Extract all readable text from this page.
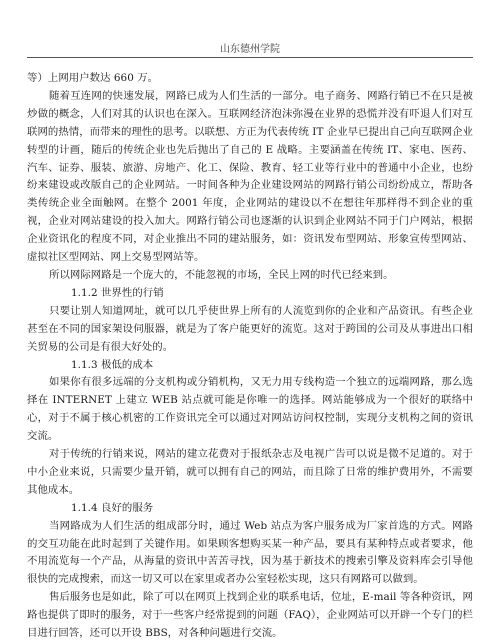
山东德州学院

等）上网用户数达 660 万。

随着互连网的快速发展，网路已成为人们生活的一部分。电子商务、网路行销已不在只是被炒做的概念，人们对其的认识也在深入。互联网经济泡沫弥漫在业界的恐慌并没有吓退人们对互联网的热情，而带来的理性的思考。以联想、方正为代表传统 IT 企业早已提出自己向互联网企业转型的计画，随后的传统企业也先后抛出了自己的 E 战略。主要涵盖在传统 IT、家电、医药、汽车、证券、服装、旅游、房地产、化工、保险、教育、轻工业等行业中的普通中小企业，也纷纷来建设或改版自己的企业网站。一时间各种为企业建设网站的网路行销公司纷纷成立，帮助各类传统企业全面触网。在整个 2001 年度，企业网站的建设以不在想往年那样得不到企业的重视，企业对网站建设的投入加大。网路行销公司也逐渐的认识到企业网站不同于门户网站，根据企业资讯化的程度不同，对企业推出不同的建站服务，如：资讯发布型网站、形象宣传型网站、虚拟社区型网站、网上交易型网站等。

所以网际网路是一个庞大的，不能忽视的市场，全民上网的时代已经来到。

1.1.2 世界性的行销

只要让别人知道网址，就可以几乎使世界上所有的人流览到你的企业和产品资讯。有些企业甚至在不同的国家架设伺服器，就是为了客户能更好的流览。这对于跨国的公司及从事进出口相关贸易的公司是有很大好处的。

1.1.3 极低的成本

如果你有很多远端的分支机构或分销机构，又无力用专线构造一个独立的远端网路，那么选择在 INTERNET 上建立 WEB 站点就可能是你唯一的选择。网站能够成为一个很好的联络中心，对于不属于核心机密的工作资讯完全可以通过对网站访问权控制，实现分支机构之间的资讯交流。

对于传统的行销来说，网站的建立花费对于报纸杂志及电视广告可以说是微不足道的。对于中小企业来说，只需要少量开销，就可以拥有自己的网站，而且除了日常的维护费用外，不需要其他成本。

1.1.4 良好的服务

当网路成为人们生活的组成部分时，通过 Web 站点为客户服务成为厂家首选的方式。网路的交互功能在此时起到了关键作用。如果顾客想购买某一种产品，要具有某种特点或者要求，他不用流览每一个产品，从海量的资讯中苦苦寻找，因为基于新技术的搜索引擎及资料库会引导他很快的完成搜索，而这一切又可以在家里或者办公室轻松实现，这只有网路可以做到。

售后服务也是如此，除了可以在网页上找到企业的联系电话，位址，E-mail 等各种资讯，网路也提供了即时的服务，对于一些客户经常提到的问题（FAQ），企业网站可以开辟一个专门的栏目进行回答，还可以开设 BBS，对各种问题进行交流。
